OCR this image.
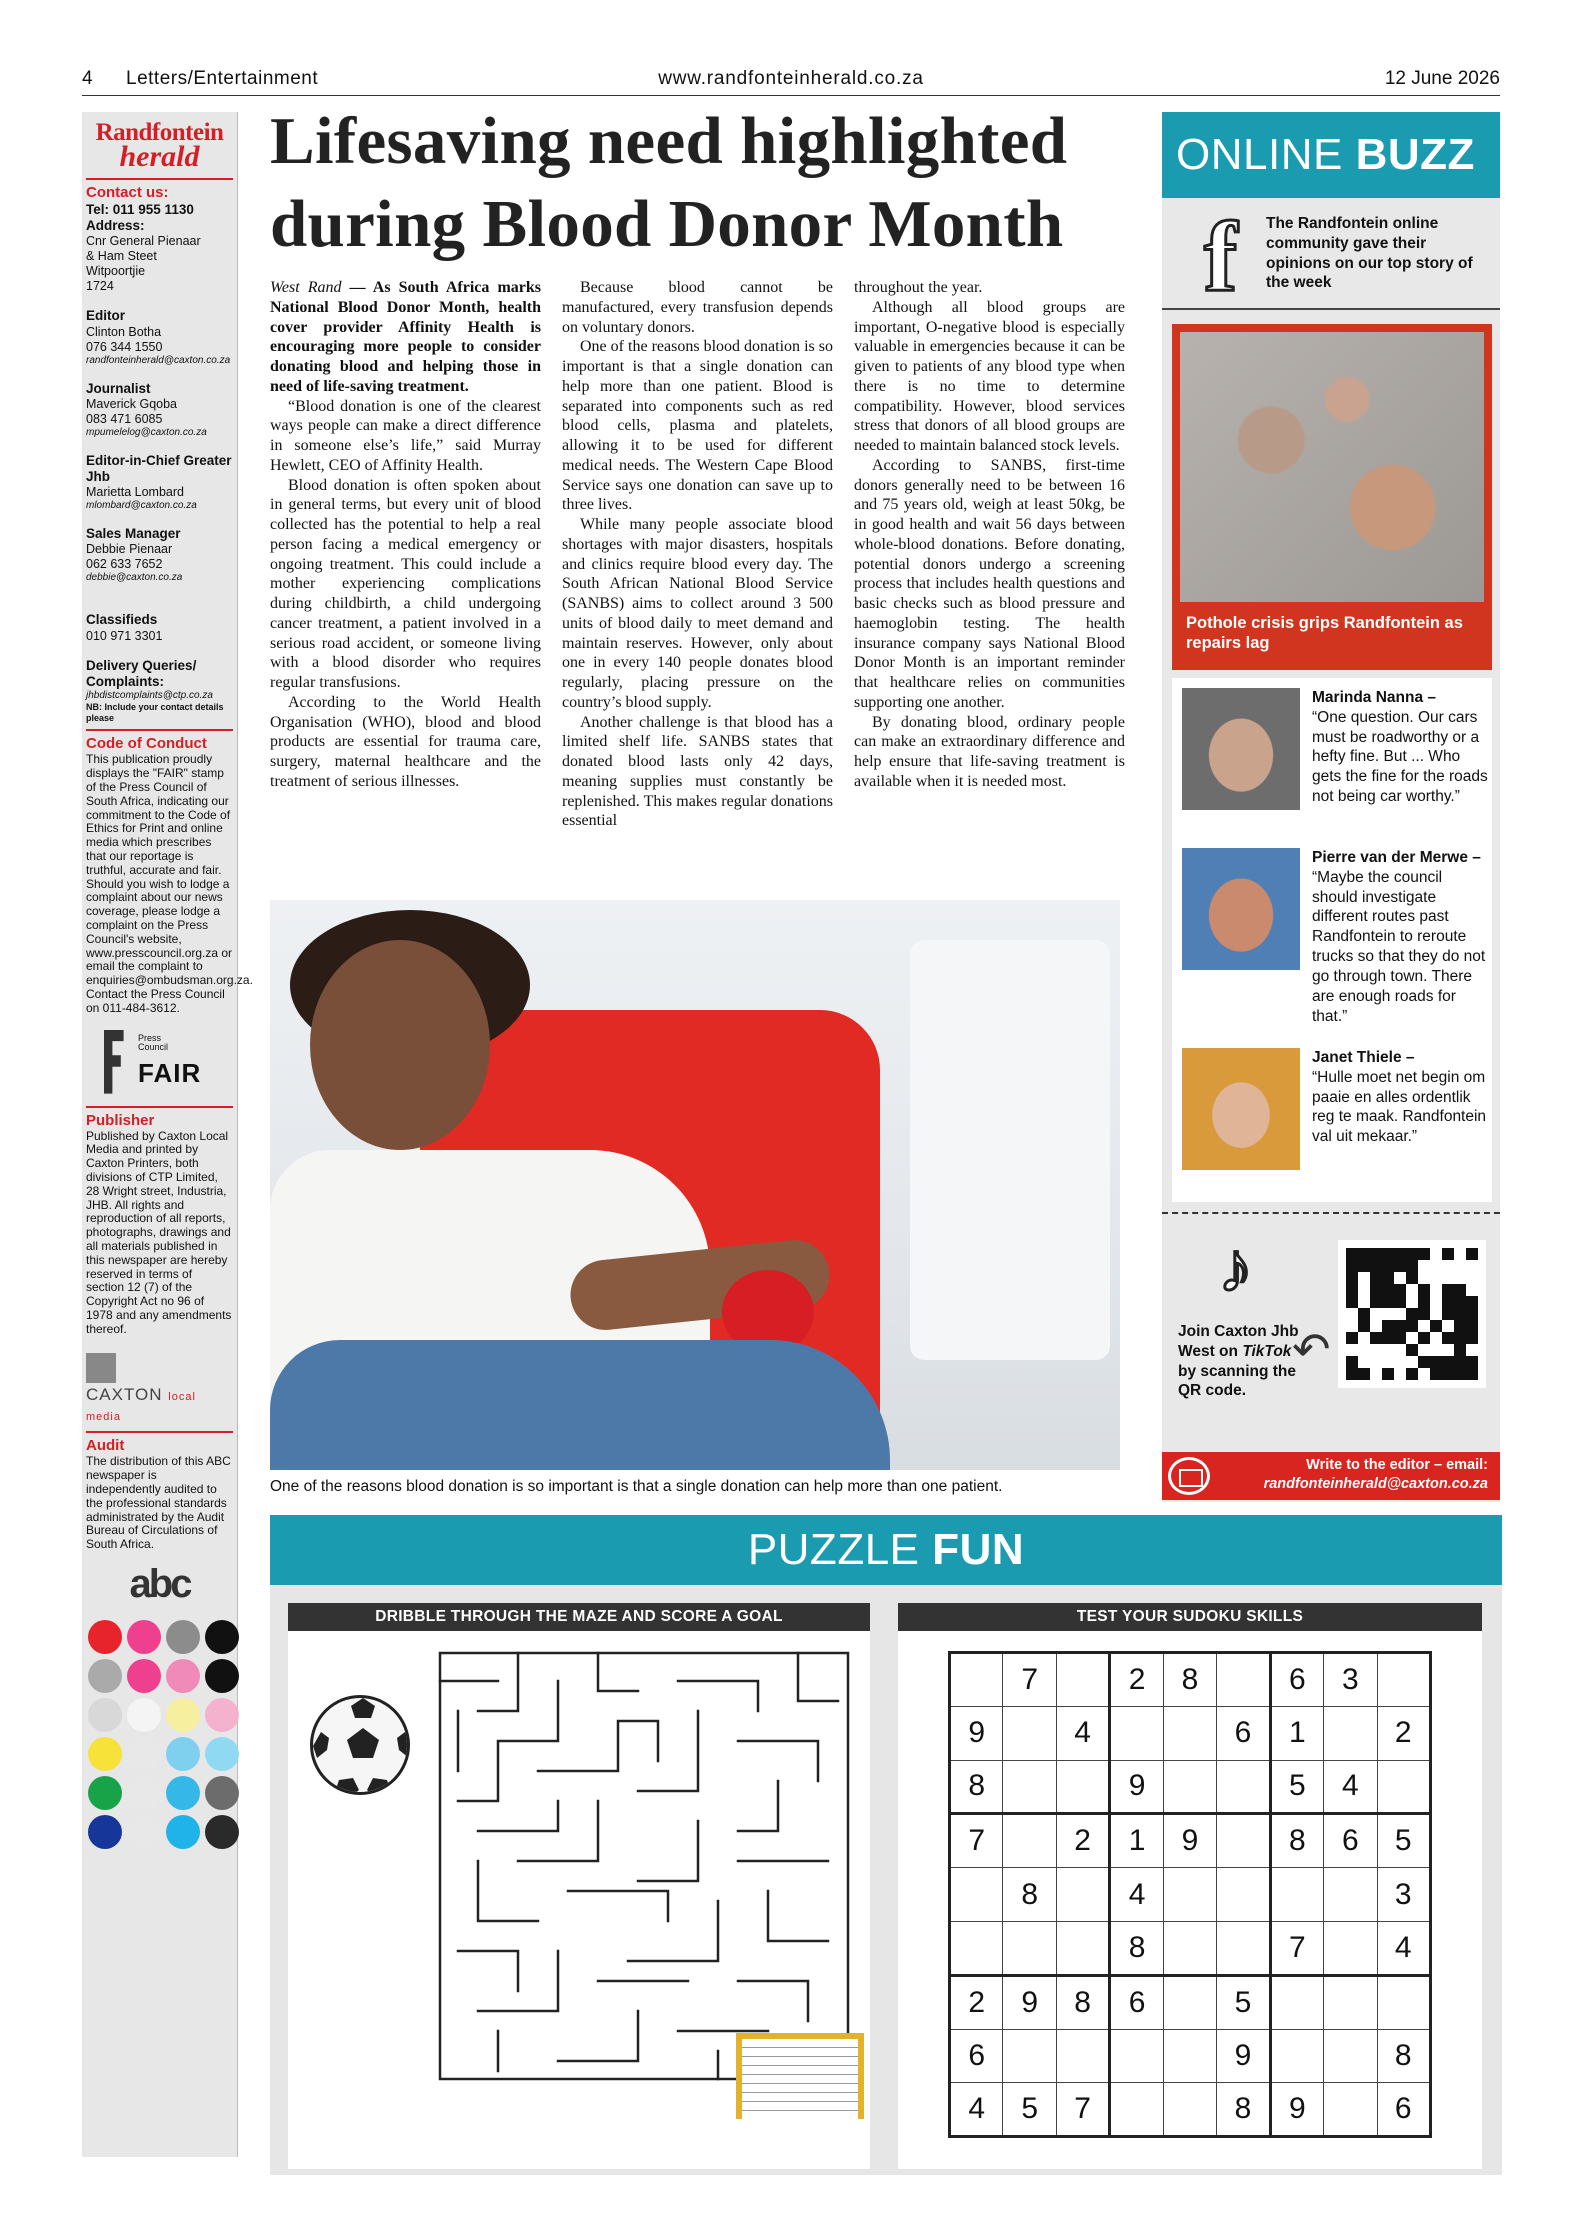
4 Letters/Entertainment	www.randfonteinherald.co.za	12 June 2026
Randfontein
herald
Contact us:
Tel: 011 955 1130
Address:
Cnr General Pienaar
& Ham Steet
Witpoortjie
1724
Editor
Clinton Botha
076 344 1550
randfonteinherald@caxton.co.za
Journalist
Maverick Gqoba
083 471 6085
mpumelelog@caxton.co.za
Editor-in-Chief Greater Jhb
Marietta Lombard
mlombard@caxton.co.za
Sales Manager
Debbie Pienaar
062 633 7652
debbie@caxton.co.za
Classifieds
010 971 3301
Delivery Queries/ Complaints:
jhbdistcomplaints@ctp.co.za
NB: Include your contact details please
Code of Conduct
This publication proudly displays the "FAIR" stamp of the Press Council of South Africa, indicating our commitment to the Code of Ethics for Print and online media which prescribes that our reportage is truthful, accurate and fair. Should you wish to lodge a complaint about our news coverage, please lodge a complaint on the Press Council's website, www.presscouncil.org.za or email the complaint to enquiries@ombudsman.org.za. Contact the Press Council on 011-484-3612.
Press
Council
FAIR
Publisher
Published by Caxton Local Media and printed by Caxton Printers, both divisions of CTP Limited, 28 Wright street, Industria, JHB. All rights and reproduction of all reports, photographs, drawings and all materials published in this newspaper are hereby reserved in terms of section 12 (7) of the Copyright Act no 96 of 1978 and any amendments thereof.
CAXTON local media
Audit
The distribution of this ABC newspaper is independently audited to the professional standards administrated by the Audit Bureau of Circulations of South Africa.
abc
Lifesaving need highlighted during Blood Donor Month

West Rand — As South Africa marks National Blood Donor Month, health cover provider Affinity Health is encouraging more people to consider donating blood and helping those in need of life-saving treatment.

“Blood donation is one of the clearest ways people can make a direct difference in someone else’s life,” said Murray Hewlett, CEO of Affinity Health.

Blood donation is often spoken about in general terms, but every unit of blood collected has the potential to help a real person facing a medical emergency or ongoing treatment. This could include a mother experiencing complications during childbirth, a child undergoing cancer treatment, a patient involved in a serious road accident, or someone living with a blood disorder who requires regular transfusions.

According to the World Health Organisation (WHO), blood and blood products are essential for trauma care, surgery, maternal healthcare and the treatment of serious illnesses.

Because blood cannot be manufactured, every transfusion depends on voluntary donors.

One of the reasons blood donation is so important is that a single donation can help more than one patient. Blood is separated into components such as red blood cells, plasma and platelets, allowing it to be used for different medical needs. The Western Cape Blood Service says one donation can save up to three lives.

While many people associate blood shortages with major disasters, hospitals and clinics require blood every day. The South African National Blood Service (SANBS) aims to collect around 3 500 units of blood daily to meet demand and maintain reserves. However, only about one in every 140 people donates blood regularly, placing pressure on the country’s blood supply.

Another challenge is that blood has a limited shelf life. SANBS states that donated blood lasts only 42 days, meaning supplies must constantly be replenished. This makes regular donations essential

throughout the year.

Although all blood groups are important, O-negative blood is especially valuable in emergencies because it can be given to patients of any blood type when there is no time to determine compatibility. However, blood services stress that donors of all blood groups are needed to maintain balanced stock levels.

According to SANBS, first-time donors generally need to be between 16 and 75 years old, weigh at least 50kg, be in good health and wait 56 days between whole-blood donations. Before donating, potential donors undergo a screening process that includes health questions and basic checks such as blood pressure and haemoglobin testing. The health insurance company says National Blood Donor Month is an important reminder that healthcare relies on communities supporting one another.

By donating blood, ordinary people can make an extraordinary difference and help ensure that life-saving treatment is available when it is needed most.

One of the reasons blood donation is so important is that a single donation can help more than one patient.
ONLINE BUZZ
f	The Randfontein online community gave their opinions on our top story of the week
Pothole crisis grips Randfontein as repairs lag
Marinda Nanna –
“One question. Our cars must be roadworthy or a hefty fine. But ... Who gets the fine for the roads not being car worthy.”
Pierre van der Merwe –
“Maybe the council should investigate different routes past Randfontein to reroute trucks so that they do not go through town. There are enough roads for that.”
Janet Thiele –
“Hulle moet net begin om paaie en alles ordentlik reg te maak. Randfontein val uit mekaar.”
♪
Join Caxton Jhb West on TikTok by scanning the QR code.
↶
Write to the editor – email:
randfonteinherald@caxton.co.za
PUZZLE FUN
DRIBBLE THROUGH THE MAZE AND SCORE A GOAL	TEST YOUR SUDOKU SKILLS
	7		2	8		6	3	
9		4			6	1		2
8			9			5	4	
7		2	1	9		8	6	5
	8		4					3
			8			7		4
2	9	8	6		5			
6					9			8
4	5	7			8	9		6
